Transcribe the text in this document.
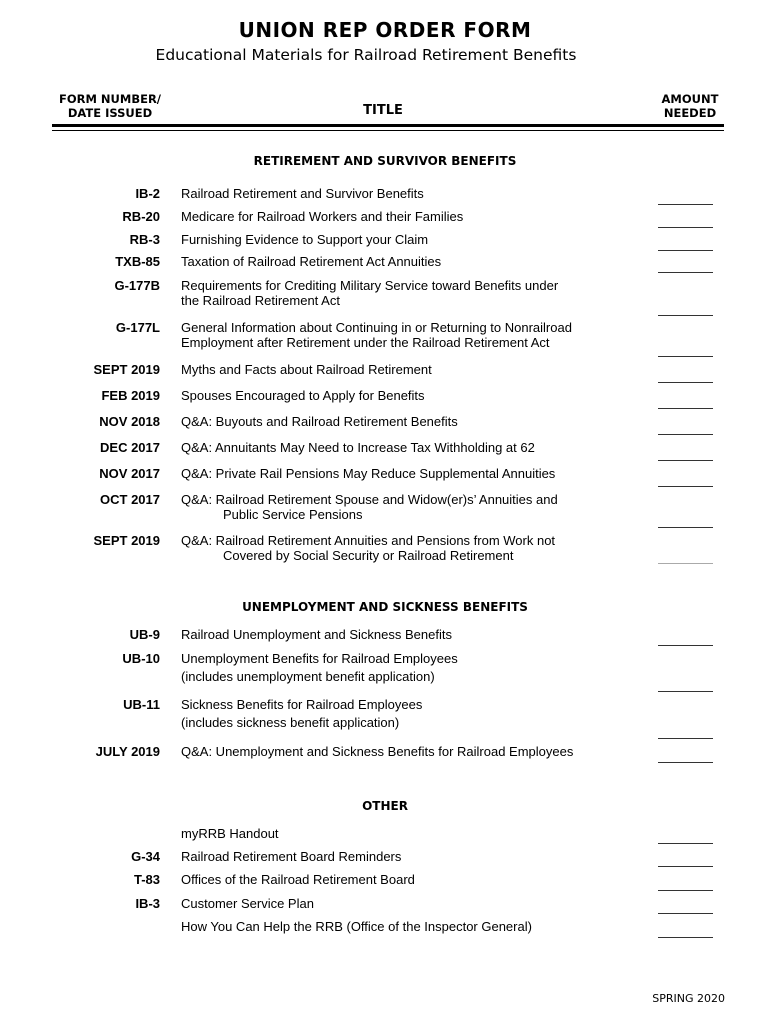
UNION REP ORDER FORM
Educational Materials for Railroad Retirement Benefits
FORM NUMBER/
DATE ISSUED	TITLE
AMOUNT
NEEDED
RETIREMENT AND SURVIVOR BENEFITS
IB-2 Railroad Retirement and Survivor Benefits
RB-20 Medicare for Railroad Workers and their Families
RB-3 Furnishing Evidence to Support your Claim
TXB-85 Taxation of Railroad Retirement Act Annuities
G-177B Requirements for Crediting Military Service toward Benefits under
the Railroad Retirement Act
G-177L General Information about Continuing in or Returning to Nonrailroad
Employment after Retirement under the Railroad Retirement Act
SEPT 2019 Myths and Facts about Railroad Retirement
FEB 2019 Spouses Encouraged to Apply for Benefits
NOV 2018 Q&A: Buyouts and Railroad Retirement Benefits
DEC 2017 Q&A: Annuitants May Need to Increase Tax Withholding at 62
NOV 2017 Q&A: Private Rail Pensions May Reduce Supplemental Annuities
OCT 2017 Q&A: Railroad Retirement Spouse and Widow(er)s’ Annuities and
Public Service Pensions
SEPT 2019 Q&A: Railroad Retirement Annuities and Pensions from Work not
Covered by Social Security or Railroad Retirement
UNEMPLOYMENT AND SICKNESS BENEFITS
UB-9 Railroad Unemployment and Sickness Benefits
UB-10 Unemployment Benefits for Railroad Employees
(includes unemployment benefit application)
UB-11 Sickness Benefits for Railroad Employees
(includes sickness benefit application)
JULY 2019 Q&A: Unemployment and Sickness Benefits for Railroad Employees
OTHER
myRRB Handout
G-34 Railroad Retirement Board Reminders
T-83 Offices of the Railroad Retirement Board
IB-3 Customer Service Plan
How You Can Help the RRB (Office of the Inspector General)
SPRING 2020
